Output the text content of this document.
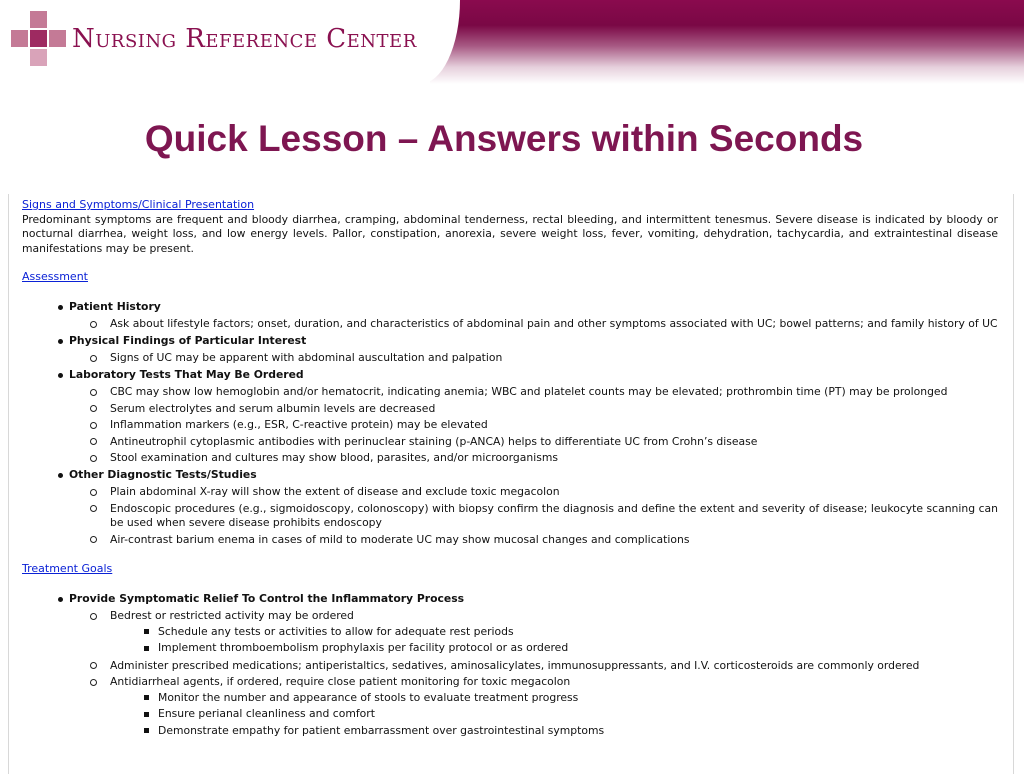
Nursing Reference Center
Quick Lesson – Answers within Seconds
Signs and Symptoms/Clinical Presentation

Predominant symptoms are frequent and bloody diarrhea, cramping, abdominal tenderness, rectal bleeding, and intermittent tenesmus. Severe disease is indicated by bloody or nocturnal diarrhea, weight loss, and low energy levels. Pallor, constipation, anorexia, severe weight loss, fever, vomiting, dehydration, tachycardia, and extraintestinal disease manifestations may be present.

Assessment
Patient History
Ask about lifestyle factors; onset, duration, and characteristics of abdominal pain and other symptoms associated with UC; bowel patterns; and family history of UC
Physical Findings of Particular Interest
Signs of UC may be apparent with abdominal auscultation and palpation
Laboratory Tests That May Be Ordered
CBC may show low hemoglobin and/or hematocrit, indicating anemia; WBC and platelet counts may be elevated; prothrombin time (PT) may be prolonged
Serum electrolytes and serum albumin levels are decreased
Inflammation markers (e.g., ESR, C-reactive protein) may be elevated
Antineutrophil cytoplasmic antibodies with perinuclear staining (p-ANCA) helps to differentiate UC from Crohn’s disease
Stool examination and cultures may show blood, parasites, and/or microorganisms
Other Diagnostic Tests/Studies
Plain abdominal X-ray will show the extent of disease and exclude toxic megacolon
Endoscopic procedures (e.g., sigmoidoscopy, colonoscopy) with biopsy confirm the diagnosis and define the extent and severity of disease; leukocyte scanning can be used when severe disease prohibits endoscopy
Air-contrast barium enema in cases of mild to moderate UC may show mucosal changes and complications
Treatment Goals
Provide Symptomatic Relief To Control the Inflammatory Process
Bedrest or restricted activity may be ordered
Schedule any tests or activities to allow for adequate rest periods
Implement thromboembolism prophylaxis per facility protocol or as ordered
Administer prescribed medications; antiperistaltics, sedatives, aminosalicylates, immunosuppressants, and I.V. corticosteroids are commonly ordered
Antidiarrheal agents, if ordered, require close patient monitoring for toxic megacolon
Monitor the number and appearance of stools to evaluate treatment progress
Ensure perianal cleanliness and comfort
Demonstrate empathy for patient embarrassment over gastrointestinal symptoms
